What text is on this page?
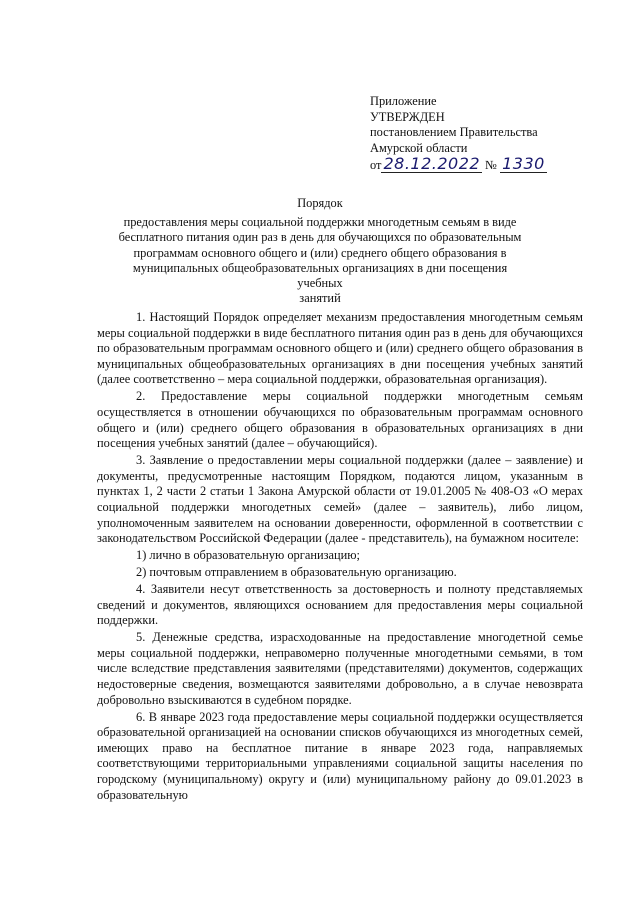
Приложение
УТВЕРЖДЕН
постановлением Правительства
Амурской области
от 28.12.2022 № 1330
Порядок
предоставления меры социальной поддержки многодетным семьям в виде
бесплатного питания один раз в день для обучающихся по образовательным
программам основного общего и (или) среднего общего образования в
муниципальных общеобразовательных организациях в дни посещения учебных
занятий

1. Настоящий Порядок определяет механизм предоставления многодетным семьям меры социальной поддержки в виде бесплатного питания один раз в день для обучающихся по образовательным программам основного общего и (или) среднего общего образования в муниципальных общеобразовательных организациях в дни посещения учебных занятий (далее соответственно – мера социальной поддержки, образовательная организация).

2. Предоставление меры социальной поддержки многодетным семьям осуществляется в отношении обучающихся по образовательным программам основного общего и (или) среднего общего образования в образовательных организациях в дни посещения учебных занятий (далее – обучающийся).

3. Заявление о предоставлении меры социальной поддержки (далее – заявление) и документы, предусмотренные настоящим Порядком, подаются лицом, указанным в пунктах 1, 2 части 2 статьи 1 Закона Амурской области от 19.01.2005 № 408-ОЗ «О мерах социальной поддержки многодетных семей» (далее – заявитель), либо лицом, уполномоченным заявителем на основании доверенности, оформленной в соответствии с законодательством Российской Федерации (далее - представитель), на бумажном носителе:

1) лично в образовательную организацию;

2) почтовым отправлением в образовательную организацию.

4. Заявители несут ответственность за достоверность и полноту представляемых сведений и документов, являющихся основанием для предоставления меры социальной поддержки.

5. Денежные средства, израсходованные на предоставление многодетной семье меры социальной поддержки, неправомерно полученные многодетными семьями, в том числе вследствие представления заявителями (представителями) документов, содержащих недостоверные сведения, возмещаются заявителями добровольно, а в случае невозврата добровольно взыскиваются в судебном порядке.

6. В январе 2023 года предоставление меры социальной поддержки осуществляется образовательной организацией на основании списков обучающихся из многодетных семей, имеющих право на бесплатное питание в январе 2023 года, направляемых соответствующими территориальными управлениями социальной защиты населения по городскому (муниципальному) округу и (или) муниципальному району до 09.01.2023 в образовательную
